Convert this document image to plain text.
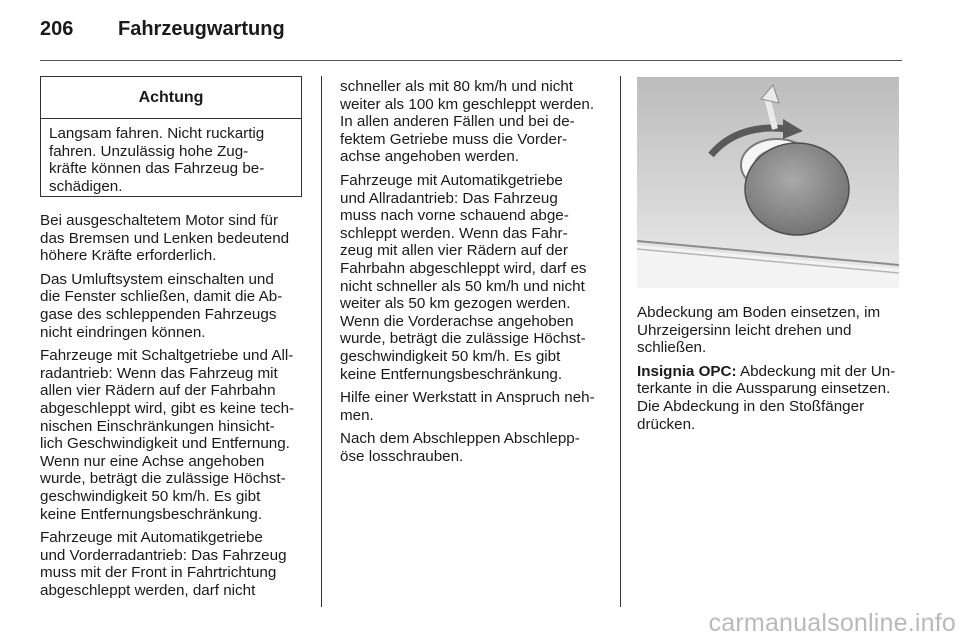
206	Fahrzeugwartung
Achtung
Langsam fahren. Nicht ruckartig
fahren. Unzulässig hohe Zug-
kräfte können das Fahrzeug be-
schädigen.

Bei ausgeschaltetem Motor sind für
das Bremsen und Lenken bedeutend
höhere Kräfte erforderlich.

Das Umluftsystem einschalten und
die Fenster schließen, damit die Ab-
gase des schleppenden Fahrzeugs
nicht eindringen können.

Fahrzeuge mit Schaltgetriebe und All-
radantrieb: Wenn das Fahrzeug mit
allen vier Rädern auf der Fahrbahn
abgeschleppt wird, gibt es keine tech-
nischen Einschränkungen hinsicht-
lich Geschwindigkeit und Entfernung.
Wenn nur eine Achse angehoben
wurde, beträgt die zulässige Höchst-
geschwindigkeit 50 km/h. Es gibt
keine Entfernungsbeschränkung.

Fahrzeuge mit Automatikgetriebe
und Vorderradantrieb: Das Fahrzeug
muss mit der Front in Fahrtrichtung
abgeschleppt werden, darf nicht

schneller als mit 80 km/h und nicht
weiter als 100 km geschleppt werden.
In allen anderen Fällen und bei de-
fektem Getriebe muss die Vorder-
achse angehoben werden.

Fahrzeuge mit Automatikgetriebe
und Allradantrieb: Das Fahrzeug
muss nach vorne schauend abge-
schleppt werden. Wenn das Fahr-
zeug mit allen vier Rädern auf der
Fahrbahn abgeschleppt wird, darf es
nicht schneller als 50 km/h und nicht
weiter als 50 km gezogen werden.
Wenn die Vorderachse angehoben
wurde, beträgt die zulässige Höchst-
geschwindigkeit 50 km/h. Es gibt
keine Entfernungsbeschränkung.

Hilfe einer Werkstatt in Anspruch neh-
men.

Nach dem Abschleppen Abschlepp-
öse losschrauben.

Abdeckung am Boden einsetzen, im
Uhrzeigersinn leicht drehen und
schließen.

Insignia OPC: Abdeckung mit der Un-
terkante in die Aussparung einsetzen.
Die Abdeckung in den Stoßfänger
drücken.

carmanualsonline.info
